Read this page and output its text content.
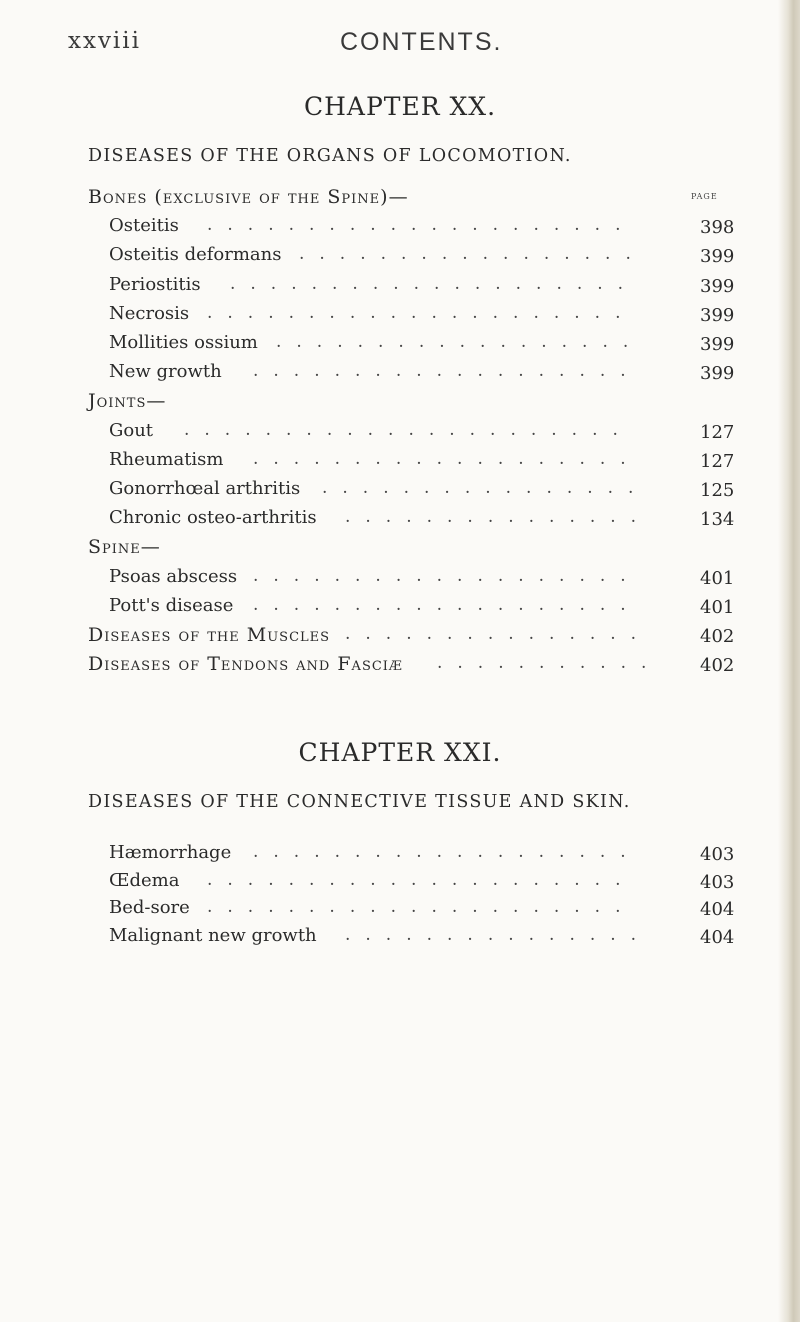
xxviii	CONTENTS.
CHAPTER XX.
DISEASES OF THE ORGANS OF LOCOMOTION.
PAGE
Bones (exclusive of the Spine)—
Osteitis .....................	398
Osteitis deformans .................	399
Periostitis ....................	399
Necrosis .....................	399
Mollities ossium ..................	399
New growth ...................	399
Joints—
Gout ......................	127
Rheumatism ...................	127
Gonorrhœal arthritis ................	125
Chronic osteo-arthritis ...............	134
Spine—
Psoas abscess ...................	401
Pott's disease ...................	401
Diseases of the Muscles ...............	402
Diseases of Tendons and Fasciæ ........... 402
CHAPTER XXI.
DISEASES OF THE CONNECTIVE TISSUE AND SKIN.
Hæmorrhage ...................	403
Œdema .....................	403
Bed-sore .....................	404
Malignant new growth ...............	404
